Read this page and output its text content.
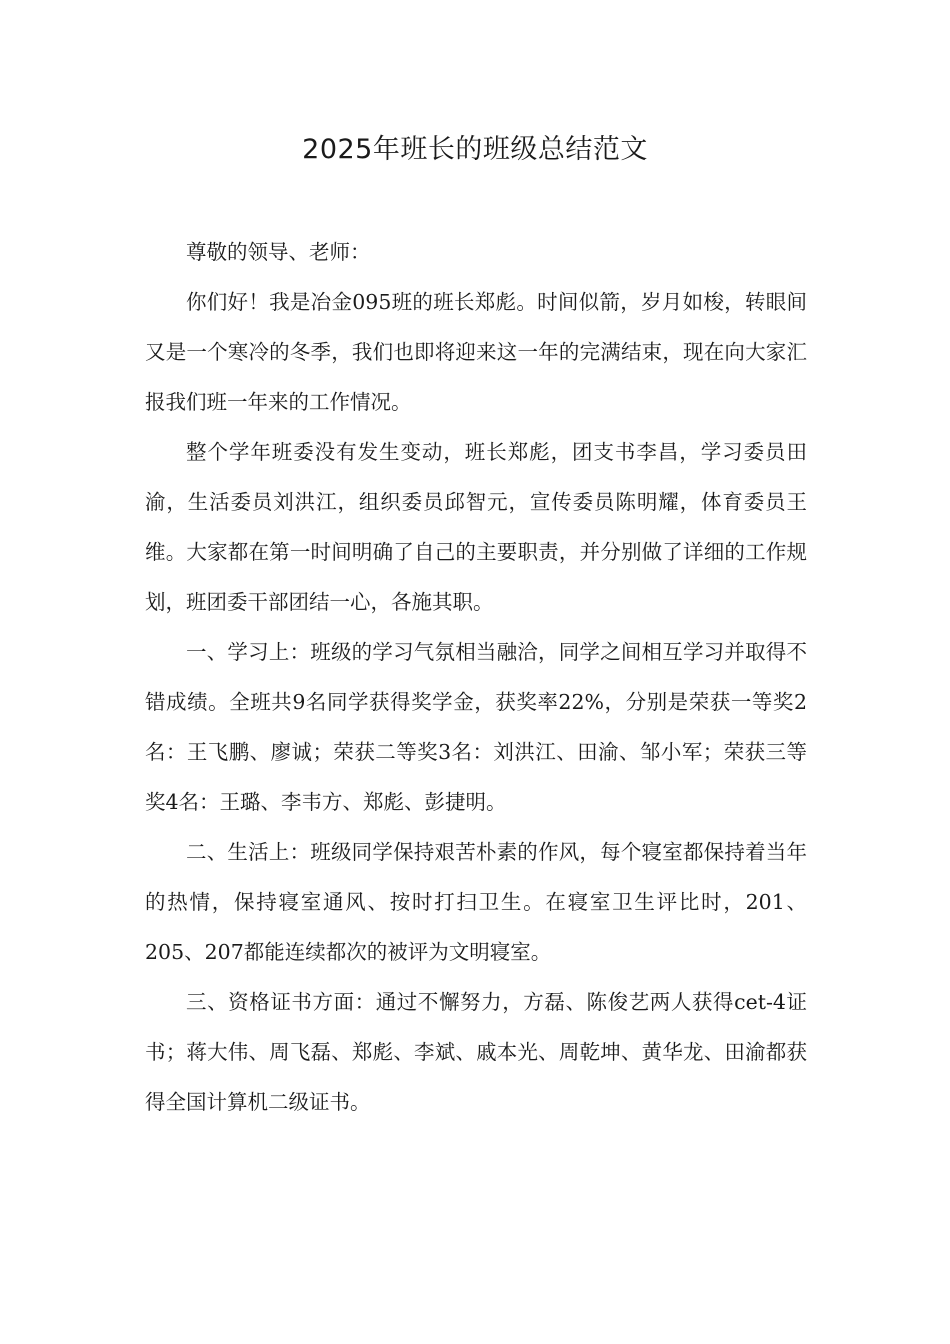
2025年班长的班级总结范文

尊敬的领导、老师：

你们好！我是冶金095班的班长郑彪。时间似箭，岁月如梭，转眼间又是一个寒冷的冬季，我们也即将迎来这一年的完满结束，现在向大家汇报我们班一年来的工作情况。

整个学年班委没有发生变动，班长郑彪，团支书李昌，学习委员田渝，生活委员刘洪江，组织委员邱智元，宣传委员陈明耀，体育委员王维。大家都在第一时间明确了自己的主要职责，并分别做了详细的工作规划，班团委干部团结一心，各施其职。

一、学习上：班级的学习气氛相当融洽，同学之间相互学习并取得不错成绩。全班共9名同学获得奖学金，获奖率22%，分别是荣获一等奖2名：王飞鹏、廖诚；荣获二等奖3名：刘洪江、田渝、邹小军；荣获三等奖4名：王璐、李韦方、郑彪、彭捷明。

二、生活上：班级同学保持艰苦朴素的作风，每个寝室都保持着当年的热情，保持寝室通风、按时打扫卫生。在寝室卫生评比时，201、205、207都能连续都次的被评为文明寝室。

三、资格证书方面：通过不懈努力，方磊、陈俊艺两人获得cet-4证书；蒋大伟、周飞磊、郑彪、李斌、戚本光、周乾坤、黄华龙、田渝都获得全国计算机二级证书。
